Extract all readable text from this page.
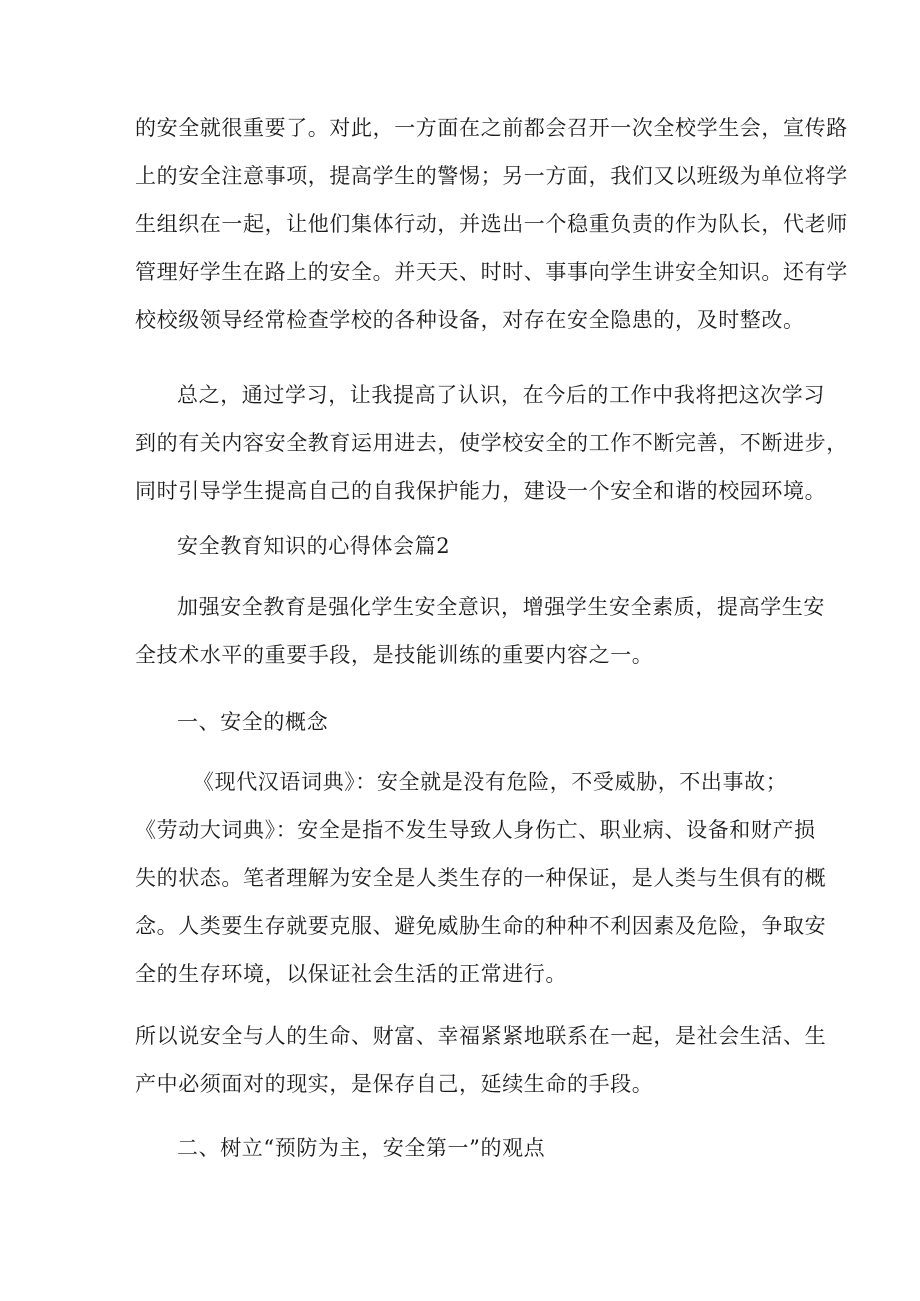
的安全就很重要了。对此，一方面在之前都会召开一次全校学生会，宣传路
上的安全注意事项，提高学生的警惕；另一方面，我们又以班级为单位将学
生组织在一起，让他们集体行动，并选出一个稳重负责的作为队长，代老师
管理好学生在路上的安全。并天天、时时、事事向学生讲安全知识。还有学
校校级领导经常检查学校的各种设备，对存在安全隐患的，及时整改。
总之，通过学习，让我提高了认识，在今后的工作中我将把这次学习
到的有关内容安全教育运用进去，使学校安全的工作不断完善，不断进步，
同时引导学生提高自己的自我保护能力，建设一个安全和谐的校园环境。
安全教育知识的心得体会篇2
加强安全教育是强化学生安全意识，增强学生安全素质，提高学生安
全技术水平的重要手段，是技能训练的重要内容之一。
一、安全的概念
《现代汉语词典》：安全就是没有危险，不受威胁，不出事故；
《劳动大词典》：安全是指不发生导致人身伤亡、职业病、设备和财产损
失的状态。笔者理解为安全是人类生存的一种保证，是人类与生俱有的概
念。人类要生存就要克服、避免威胁生命的种种不利因素及危险，争取安
全的生存环境，以保证社会生活的正常进行。
所以说安全与人的生命、财富、幸福紧紧地联系在一起，是社会生活、生
产中必须面对的现实，是保存自己，延续生命的手段。
二、树立“预防为主，安全第一”的观点
